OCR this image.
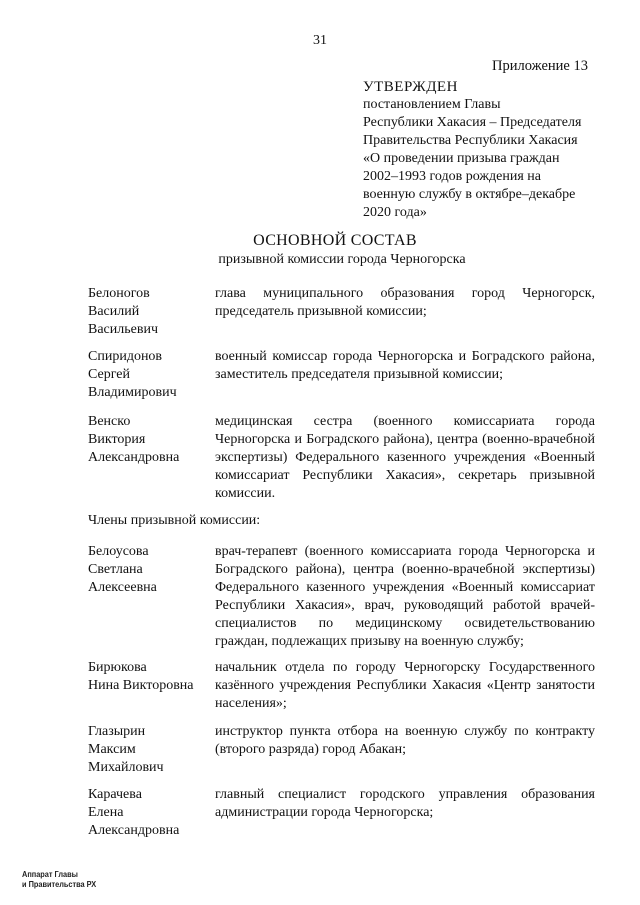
31
Приложение 13
УТВЕРЖДЕН
постановлением Главы
Республики Хакасия – Председателя
Правительства Республики Хакасия
«О проведении призыва граждан
2002–1993 годов рождения на
военную службу в октябре–декабре
2020 года»
ОСНОВНОЙ СОСТАВ
призывной комиссии города Черногорска
Белоногов
Василий
Васильевич
глава муниципального образования город Черногорск, председатель призывной комиссии;
Спиридонов
Сергей
Владимирович
военный комиссар города Черногорска и Боградского района, заместитель председателя призывной комиссии;
Венско
Виктория
Александровна
медицинская сестра (военного комиссариата города Черногорска и Боградского района), центра (военно-врачебной экспертизы) Федерального казенного учреждения «Военный комиссариат Республики Хакасия», секретарь призывной комиссии.
Члены призывной комиссии:
Белоусова
Светлана
Алексеевна
врач-терапевт (военного комиссариата города Черногорска и Боградского района), центра (военно-врачебной экспертизы) Федерального казенного учреждения «Военный комиссариат Республики Хакасия», врач, руководящий работой врачей-специалистов по медицинскому освидетельствованию граждан, подлежащих призыву на военную службу;
Бирюкова
Нина Викторовна
начальник отдела по городу Черногорску Государственного казённого учреждения Республики Хакасия «Центр занятости населения»;
Глазырин
Максим
Михайлович
инструктор пункта отбора на военную службу по контракту (второго разряда) город Абакан;
Карачева
Елена
Александровна
главный специалист городского управления образования администрации города Черногорска;
Аппарат Главы
и Правительства РХ
